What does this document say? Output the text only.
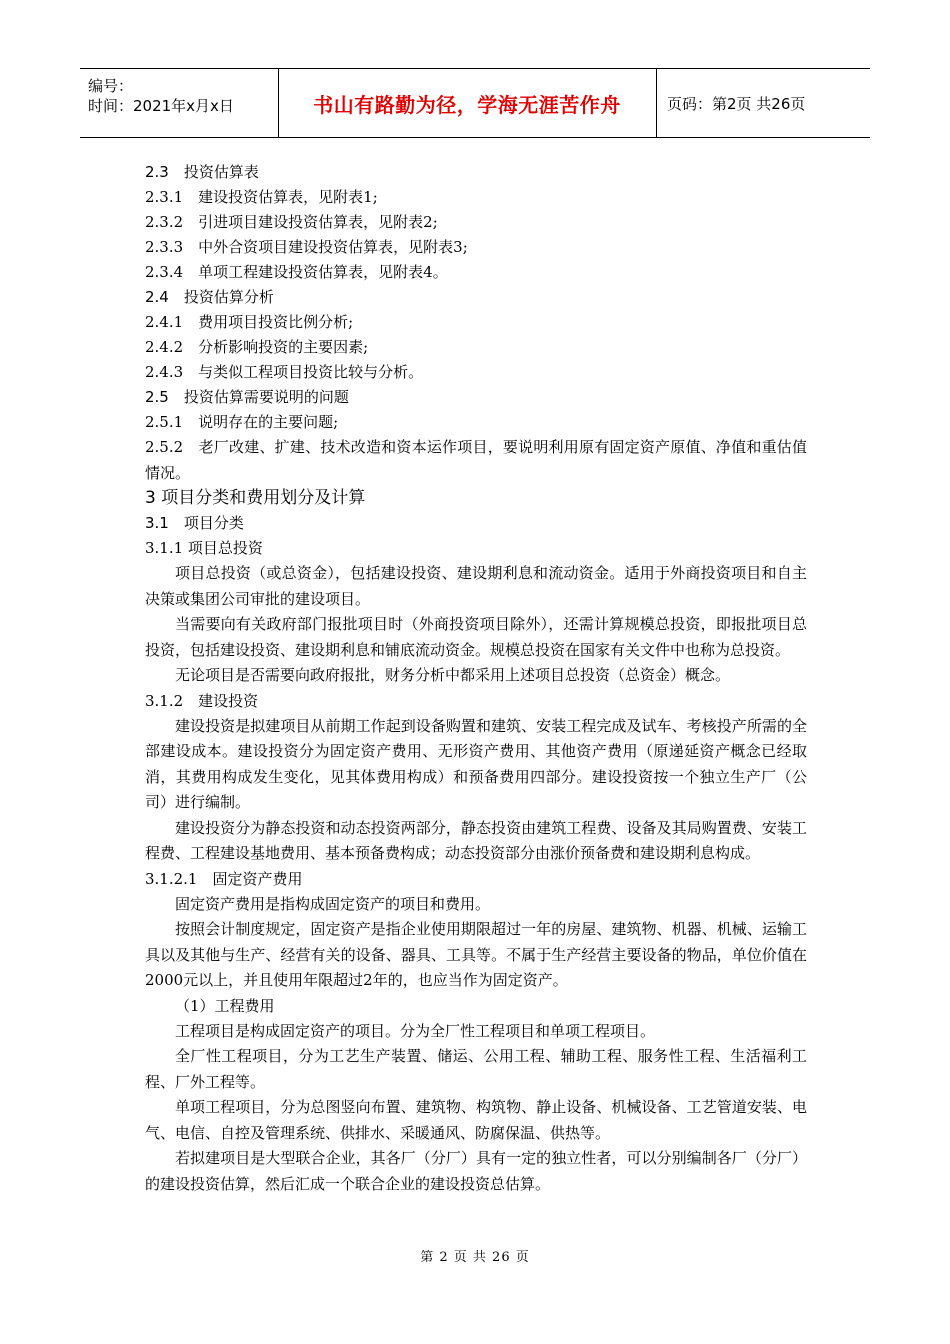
编号：
时间：2021年x月x日	书山有路勤为径，学海无涯苦作舟	页码：第2页 共26页
2.3　投资估算表
2.3.1　建设投资估算表，见附表1;
2.3.2　引进项目建设投资估算表，见附表2;
2.3.3　中外合资项目建设投资估算表，见附表3;
2.3.4　单项工程建设投资估算表，见附表4。
2.4　投资估算分析
2.4.1　费用项目投资比例分析;
2.4.2　分析影响投资的主要因素;
2.4.3　与类似工程项目投资比较与分析。
2.5　投资估算需要说明的问题
2.5.1　说明存在的主要问题;

2.5.2　老厂改建、扩建、技术改造和资本运作项目，要说明利用原有固定资产原值、净值和重估值情况。

3 项目分类和费用划分及计算
3.1　项目分类
3.1.1 项目总投资

项目总投资（或总资金），包括建设投资、建设期利息和流动资金。适用于外商投资项目和自主决策或集团公司审批的建设项目。

当需要向有关政府部门报批项目时（外商投资项目除外），还需计算规模总投资，即报批项目总投资，包括建设投资、建设期利息和铺底流动资金。规模总投资在国家有关文件中也称为总投资。

无论项目是否需要向政府报批，财务分析中都采用上述项目总投资（总资金）概念。

3.1.2　建设投资

建设投资是拟建项目从前期工作起到设备购置和建筑、安装工程完成及试车、考核投产所需的全部建设成本。建设投资分为固定资产费用、无形资产费用、其他资产费用（原递延资产概念已经取消，其费用构成发生变化，见其体费用构成）和预备费用四部分。建设投资按一个独立生产厂（公司）进行编制。

建设投资分为静态投资和动态投资两部分，静态投资由建筑工程费、设备及其局购置费、安装工程费、工程建设基地费用、基本预备费构成；动态投资部分由涨价预备费和建设期利息构成。

3.1.2.1　固定资产费用

固定资产费用是指构成固定资产的项目和费用。

按照会计制度规定，固定资产是指企业使用期限超过一年的房屋、建筑物、机器、机械、运输工具以及其他与生产、经营有关的设备、器具、工具等。不属于生产经营主要设备的物品，单位价值在2000元以上，并且使用年限超过2年的，也应当作为固定资产。

（1）工程费用

工程项目是构成固定资产的项目。分为全厂性工程项目和单项工程项目。

全厂性工程项目，分为工艺生产装置、储运、公用工程、辅助工程、服务性工程、生活福利工程、厂外工程等。

单项工程项目，分为总图竖向布置、建筑物、构筑物、静止设备、机械设备、工艺管道安装、电气、电信、自控及管理系统、供排水、采暖通风、防腐保温、供热等。

若拟建项目是大型联合企业，其各厂（分厂）具有一定的独立性者，可以分别编制各厂（分厂）的建设投资估算，然后汇成一个联合企业的建设投资总估算。

第 2 页 共 26 页
